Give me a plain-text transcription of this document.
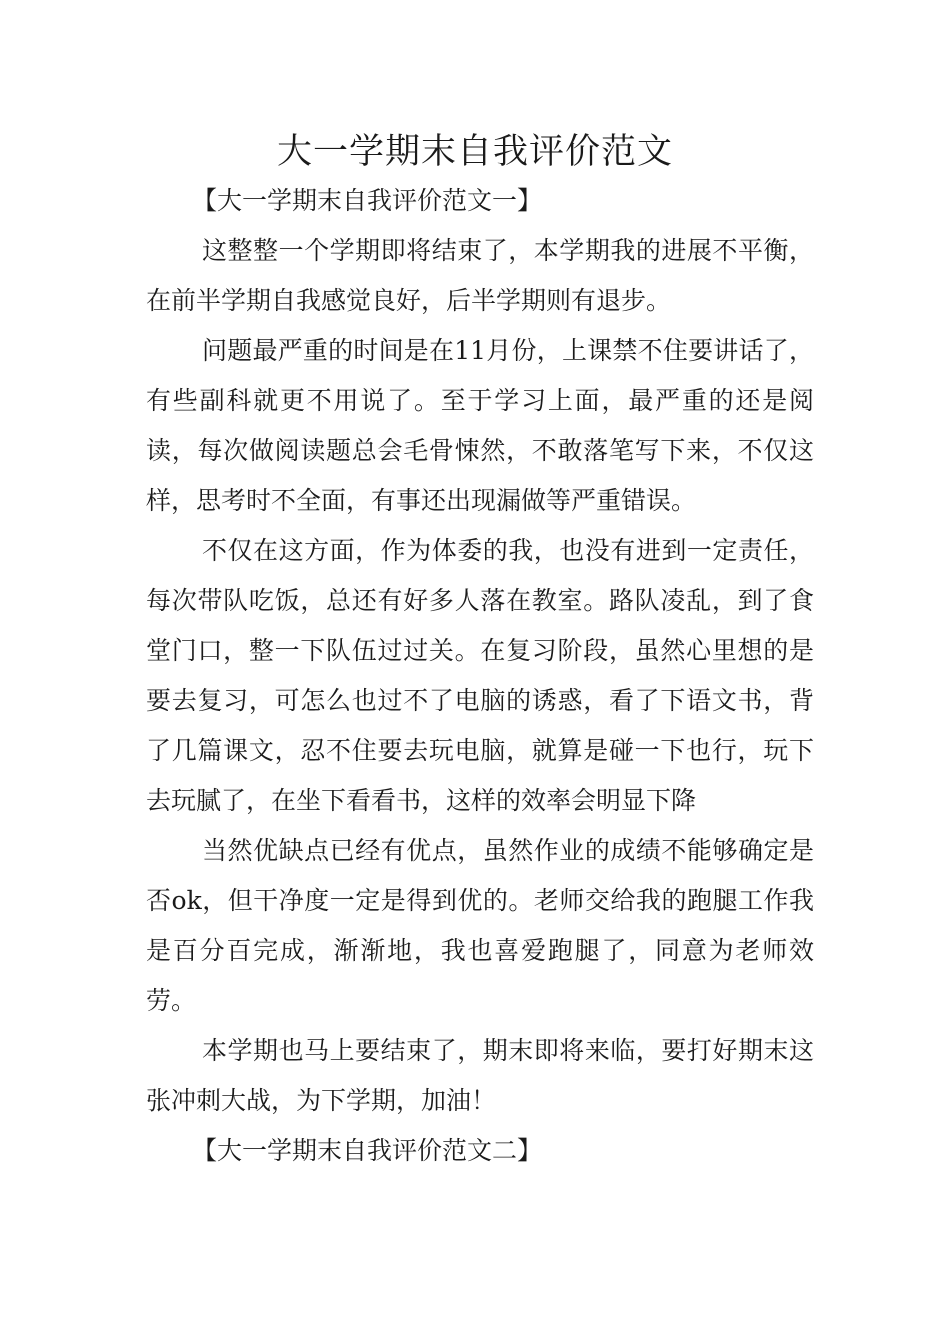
大一学期末自我评价范文

【大一学期末自我评价范文一】

这整整一个学期即将结束了，本学期我的进展不平衡，在前半学期自我感觉良好，后半学期则有退步。

问题最严重的时间是在11月份，上课禁不住要讲话了，有些副科就更不用说了。至于学习上面，最严重的还是阅读，每次做阅读题总会毛骨悚然，不敢落笔写下来，不仅这样，思考时不全面，有事还出现漏做等严重错误。

不仅在这方面，作为体委的我，也没有进到一定责任，每次带队吃饭，总还有好多人落在教室。路队凌乱，到了食堂门口，整一下队伍过过关。在复习阶段，虽然心里想的是要去复习，可怎么也过不了电脑的诱惑，看了下语文书，背了几篇课文，忍不住要去玩电脑，就算是碰一下也行，玩下去玩腻了，在坐下看看书，这样的效率会明显下降

当然优缺点已经有优点，虽然作业的成绩不能够确定是否ok，但干净度一定是得到优的。老师交给我的跑腿工作我是百分百完成，渐渐地，我也喜爱跑腿了，同意为老师效劳。

本学期也马上要结束了，期末即将来临，要打好期末这张冲刺大战，为下学期，加油！

【大一学期末自我评价范文二】
